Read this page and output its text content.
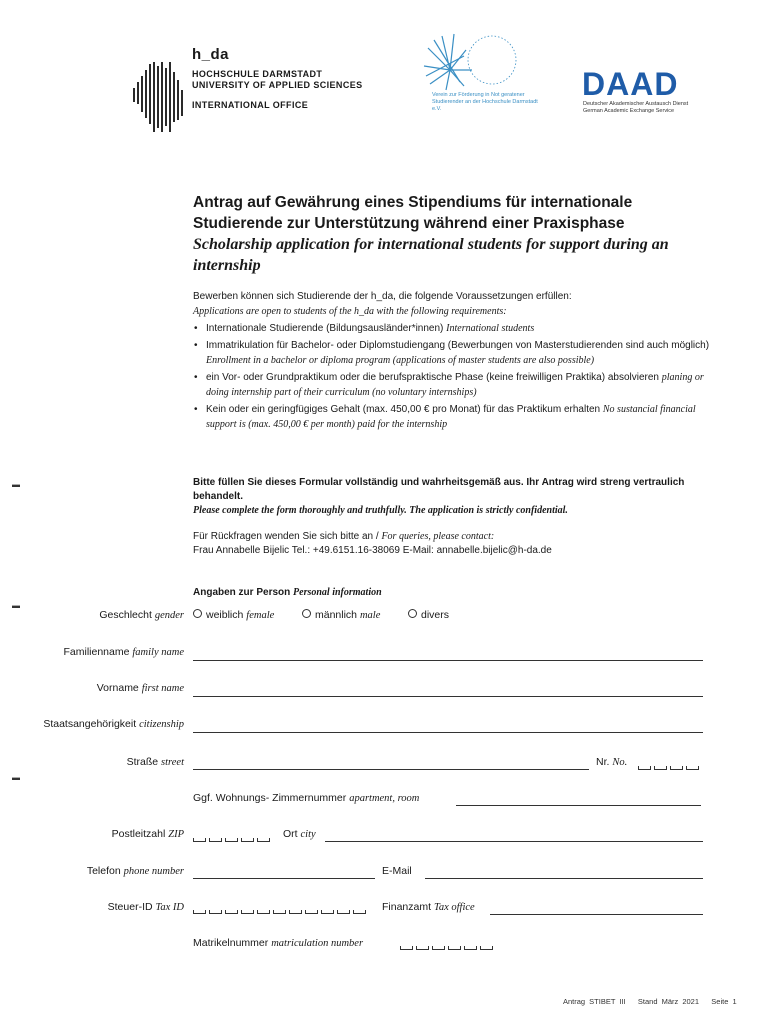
h_da
HOCHSCHULE DARMSTADT
UNIVERSITY OF APPLIED SCIENCES
INTERNATIONAL OFFICE
Verein zur Förderung in Not geratener Studierender an der Hochschule Darmstadt e.V.
DAAD
Deutscher Akademischer Austausch Dienst
German Academic Exchange Service
Antrag auf Gewährung eines Stipendiums für internationale Studierende zur Unterstützung während einer Praxisphase
Scholarship application for international students for support during an internship
Bewerben können sich Studierende der h_da, die folgende Voraussetzungen erfüllen:
Applications are open to students of the h_da with the following requirements:
• Internationale Studierende (Bildungsausländer*innen) International students
• Immatrikulation für Bachelor- oder Diplomstudiengang (Bewerbungen von Masterstudierenden sind auch möglich) Enrollment in a bachelor or diploma program (applications of master students are also possible)
• ein Vor- oder Grundpraktikum oder die berufspraktische Phase (keine freiwilligen Praktika) absolvieren planing or doing internship part of their curriculum (no voluntary internships)
• Kein oder ein geringfügiges Gehalt (max. 450,00 € pro Monat) für das Praktikum erhalten No sustancial financial support is (max. 450,00 € per month) paid for the internship
▬
▬
▬
Bitte füllen Sie dieses Formular vollständig und wahrheitsgemäß aus. Ihr Antrag wird streng vertraulich behandelt.
Please complete the form thoroughly and truthfully. The application is strictly confidential.
Für Rückfragen wenden Sie sich bitte an / For queries, please contact:
Frau Annabelle Bijelic Tel.: +49.6151.16-38069 E-Mail: annabelle.bijelic@h-da.de
Angaben zur Person Personal information
Geschlecht gender	weiblich female	männlich male	divers
Familienname family name
Vorname first name
Staatsangehörigkeit citizenship
Straße street	Nr. No.
Ggf. Wohnungs- Zimmernummer apartment, room
Postleitzahl ZIP	Ort city
Telefon phone number	E-Mail
Steuer-ID Tax ID	Finanzamt Tax office
Matrikelnummer matriculation number
Antrag STIBET III Stand März 2021 Seite 1
